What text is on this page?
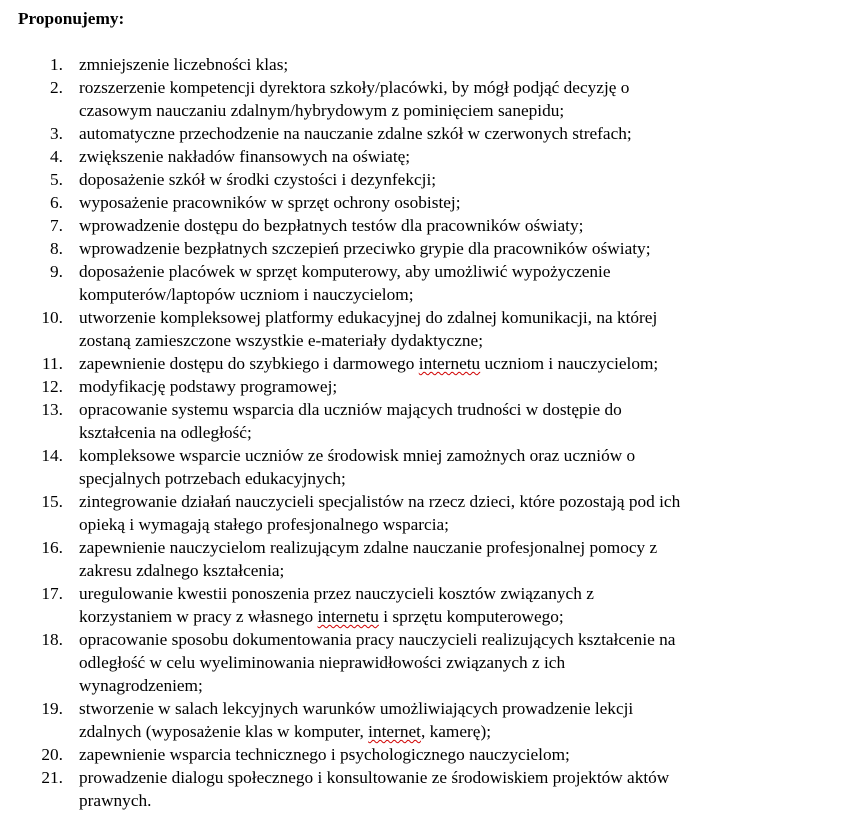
Proponujemy:

1. zmniejszenie liczebności klas;
2. rozszerzenie kompetencji dyrektora szkoły/placówki, by mógł podjąć decyzję o
czasowym nauczaniu zdalnym/hybrydowym z pominięciem sanepidu;
3. automatyczne przechodzenie na nauczanie zdalne szkół w czerwonych strefach;
4. zwiększenie nakładów finansowych na oświatę;
5. doposażenie szkół w środki czystości i dezynfekcji;
6. wyposażenie pracowników w sprzęt ochrony osobistej;
7. wprowadzenie dostępu do bezpłatnych testów dla pracowników oświaty;
8. wprowadzenie bezpłatnych szczepień przeciwko grypie dla pracowników oświaty;
9. doposażenie placówek w sprzęt komputerowy, aby umożliwić wypożyczenie
komputerów/laptopów uczniom i nauczycielom;
10. utworzenie kompleksowej platformy edukacyjnej do zdalnej komunikacji, na której
zostaną zamieszczone wszystkie e-materiały dydaktyczne;
11. zapewnienie dostępu do szybkiego i darmowego internetu uczniom i nauczycielom;
12. modyfikację podstawy programowej;
13. opracowanie systemu wsparcia dla uczniów mających trudności w dostępie do
kształcenia na odległość;
14. kompleksowe wsparcie uczniów ze środowisk mniej zamożnych oraz uczniów o
specjalnych potrzebach edukacyjnych;
15. zintegrowanie działań nauczycieli specjalistów na rzecz dzieci, które pozostają pod ich
opieką i wymagają stałego profesjonalnego wsparcia;
16. zapewnienie nauczycielom realizującym zdalne nauczanie profesjonalnej pomocy z
zakresu zdalnego kształcenia;
17. uregulowanie kwestii ponoszenia przez nauczycieli kosztów związanych z
korzystaniem w pracy z własnego internetu i sprzętu komputerowego;
18. opracowanie sposobu dokumentowania pracy nauczycieli realizujących kształcenie na
odległość w celu wyeliminowania nieprawidłowości związanych z ich
wynagrodzeniem;
19. stworzenie w salach lekcyjnych warunków umożliwiających prowadzenie lekcji
zdalnych (wyposażenie klas w komputer, internet, kamerę);
20. zapewnienie wsparcia technicznego i psychologicznego nauczycielom;
21. prowadzenie dialogu społecznego i konsultowanie ze środowiskiem projektów aktów
prawnych.
